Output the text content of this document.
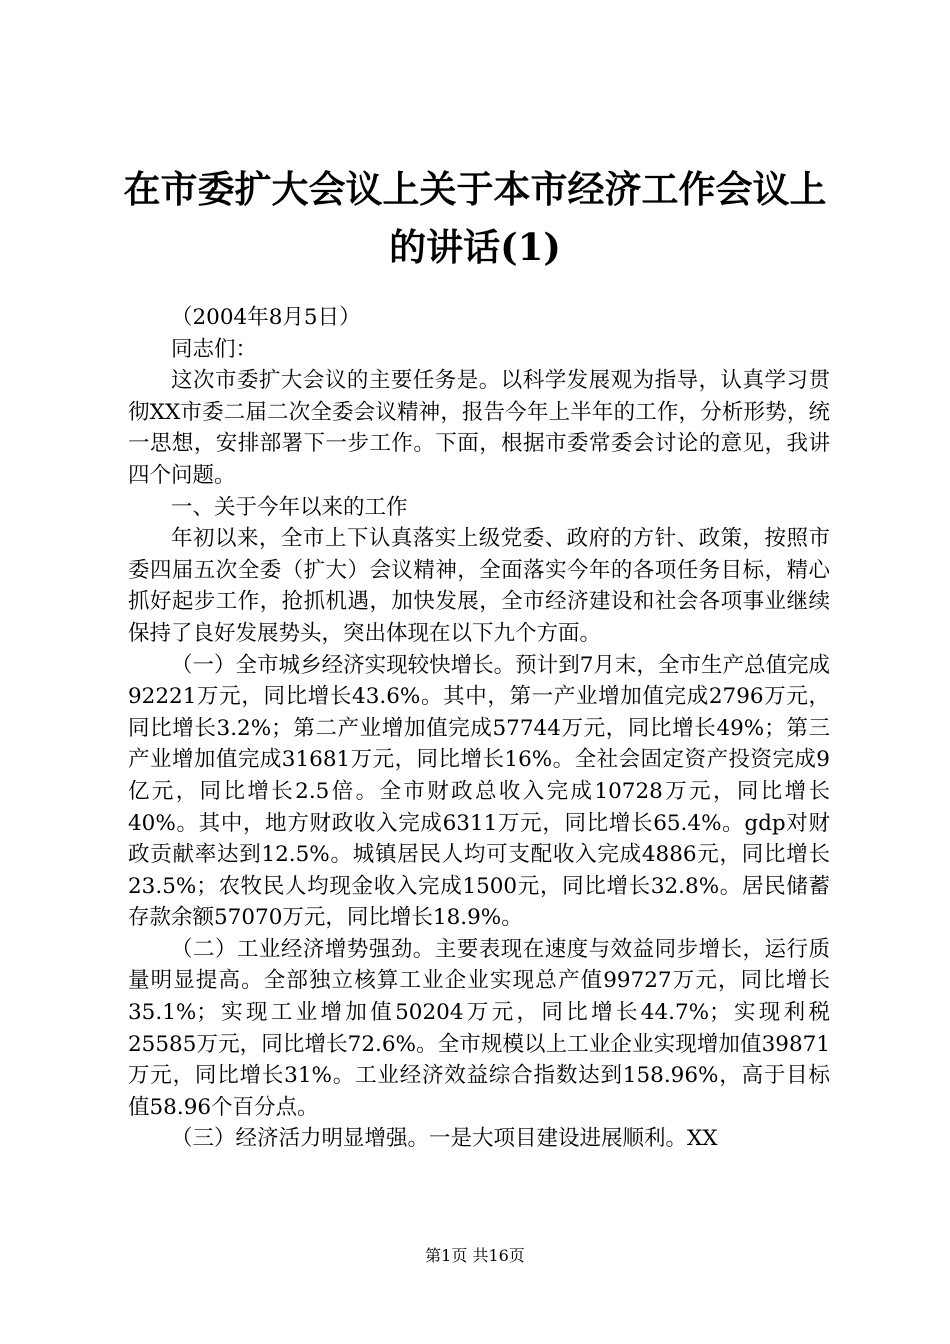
在市委扩大会议上关于本市经济工作会议上的讲话(1)

（2004年8月5日）

同志们：

这次市委扩大会议的主要任务是。以科学发展观为指导，认真学习贯彻XX市委二届二次全委会议精神，报告今年上半年的工作，分析形势，统一思想，安排部署下一步工作。下面，根据市委常委会讨论的意见，我讲四个问题。

一、关于今年以来的工作

年初以来，全市上下认真落实上级党委、政府的方针、政策，按照市委四届五次全委（扩大）会议精神，全面落实今年的各项任务目标，精心抓好起步工作，抢抓机遇，加快发展，全市经济建设和社会各项事业继续保持了良好发展势头，突出体现在以下九个方面。

（一）全市城乡经济实现较快增长。预计到7月末，全市生产总值完成92221万元，同比增长43.6%。其中，第一产业增加值完成2796万元，同比增长3.2%；第二产业增加值完成57744万元，同比增长49%；第三产业增加值完成31681万元，同比增长16%。全社会固定资产投资完成9亿元，同比增长2.5倍。全市财政总收入完成10728万元，同比增长40%。其中，地方财政收入完成6311万元，同比增长65.4%。gdp对财政贡献率达到12.5%。城镇居民人均可支配收入完成4886元，同比增长23.5%；农牧民人均现金收入完成1500元，同比增长32.8%。居民储蓄存款余额57070万元，同比增长18.9%。

（二）工业经济增势强劲。主要表现在速度与效益同步增长，运行质量明显提高。全部独立核算工业企业实现总产值99727万元，同比增长35.1%；实现工业增加值50204万元，同比增长44.7%；实现利税25585万元，同比增长72.6%。全市规模以上工业企业实现增加值39871万元，同比增长31%。工业经济效益综合指数达到158.96%，高于目标值58.96个百分点。

（三）经济活力明显增强。一是大项目建设进展顺利。XX

第1页 共16页
